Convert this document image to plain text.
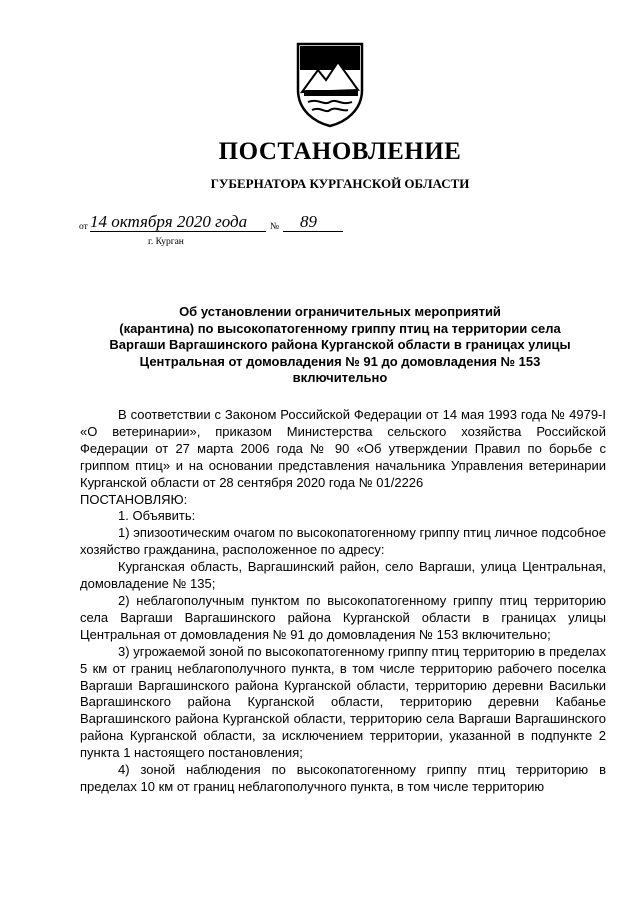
ПОСТАНОВЛЕНИЕ
ГУБЕРНАТОРА КУРГАНСКОЙ ОБЛАСТИ
от 14 октября 2020 года № 89
г. Курган
Об установлении ограничительных мероприятий
(карантина) по высокопатогенному гриппу птиц на территории села
Варгаши Варгашинского района Курганской области в границах улицы
Центральная от домовладения № 91 до домовладения № 153
включительно

В соответствии с Законом Российской Федерации от 14 мая 1993 года № 4979-I «О ветеринарии», приказом Министерства сельского хозяйства Российской Федерации от 27 марта 2006 года № 90 «Об утверждении Правил по борьбе с гриппом птиц» и на основании представления начальника Управления ветеринарии Курганской области от 28 сентября 2020 года № 01/2226

ПОСТАНОВЛЯЮ:

1. Объявить:

1) эпизоотическим очагом по высокопатогенному гриппу птиц личное подсобное хозяйство гражданина, расположенное по адресу:

Курганская область, Варгашинский район, село Варгаши, улица Центральная, домовладение № 135;

2) неблагополучным пунктом по высокопатогенному гриппу птиц территорию села Варгаши Варгашинского района Курганской области в границах улицы Центральная от домовладения № 91 до домовладения № 153 включительно;

3) угрожаемой зоной по высокопатогенному гриппу птиц территорию в пределах 5 км от границ неблагополучного пункта, в том числе территорию рабочего поселка Варгаши Варгашинского района Курганской области, территорию деревни Васильки Варгашинского района Курганской области, территорию деревни Кабанье Варгашинского района Курганской области, территорию села Варгаши Варгашинского района Курганской области, за исключением территории, указанной в подпункте 2 пункта 1 настоящего постановления;

4) зоной наблюдения по высокопатогенному гриппу птиц территорию в пределах 10 км от границ неблагополучного пункта, в том числе территорию
